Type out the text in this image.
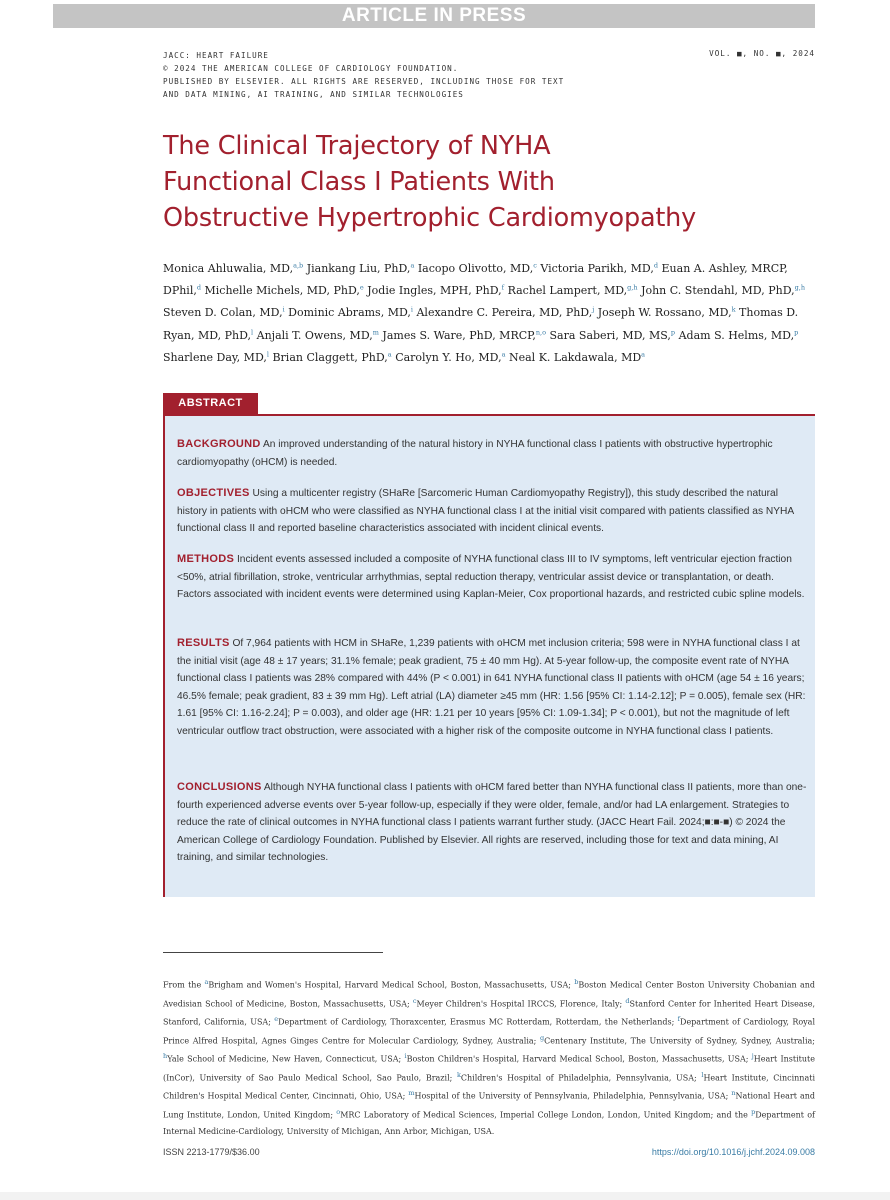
ARTICLE IN PRESS
JACC: HEART FAILURE
© 2024 THE AMERICAN COLLEGE OF CARDIOLOGY FOUNDATION.
PUBLISHED BY ELSEVIER. ALL RIGHTS ARE RESERVED, INCLUDING THOSE FOR TEXT
AND DATA MINING, AI TRAINING, AND SIMILAR TECHNOLOGIES
VOL. ■, NO. ■, 2024
The Clinical Trajectory of NYHA
Functional Class I Patients With
Obstructive Hypertrophic Cardiomyopathy
Monica Ahluwalia, MD,$^{a,b}$ Jiankang Liu, PhD,$^a$ Iacopo Olivotto, MD,$^c$ Victoria Parikh, MD,$^d$ Euan A. Ashley, MRCP, DPhil,$^d$ Michelle Michels, MD, PhD,$^e$ Jodie Ingles, MPH, PhD,$^f$ Rachel Lampert, MD,$^{g,h}$ John C. Stendahl, MD, PhD,$^{g,h}$ Steven D. Colan, MD,$^i$ Dominic Abrams, MD,$^i$ Alexandre C. Pereira, MD, PhD,$^j$ Joseph W. Rossano, MD,$^k$ Thomas D. Ryan, MD, PhD,$^l$ Anjali T. Owens, MD,$^m$ James S. Ware, PhD, MRCP,$^{n,o}$ Sara Saberi, MD, MS,$^p$ Adam S. Helms, MD,$^p$ Sharlene Day, MD,$^l$ Brian Claggett, PhD,$^a$ Carolyn Y. Ho, MD,$^a$ Neal K. Lakdawala, $MD^a$
ABSTRACT

BACKGROUND An improved understanding of the natural history in NYHA functional class I patients with obstructive hypertrophic cardiomyopathy (oHCM) is needed.

OBJECTIVES Using a multicenter registry (SHaRe [Sarcomeric Human Cardiomyopathy Registry]), this study described the natural history in patients with oHCM who were classified as NYHA functional class I at the initial visit compared with patients classified as NYHA functional class II and reported baseline characteristics associated with incident clinical events.

METHODS Incident events assessed included a composite of NYHA functional class III to IV symptoms, left ventricular ejection fraction <50%, atrial fibrillation, stroke, ventricular arrhythmias, septal reduction therapy, ventricular assist device or transplantation, or death. Factors associated with incident events were determined using Kaplan-Meier, Cox proportional hazards, and restricted cubic spline models.

RESULTS Of 7,964 patients with HCM in SHaRe, 1,239 patients with oHCM met inclusion criteria; 598 were in NYHA functional class I at the initial visit (age 48 ± 17 years; 31.1% female; peak gradient, 75 ± 40 mm Hg). At 5-year follow-up, the composite event rate of NYHA functional class I patients was 28% compared with 44% (P < 0.001) in 641 NYHA functional class II patients with oHCM (age 54 ± 16 years; 46.5% female; peak gradient, 83 ± 39 mm Hg). Left atrial (LA) diameter ≥45 mm (HR: 1.56 [95% CI: 1.14-2.12]; P = 0.005), female sex (HR: 1.61 [95% CI: 1.16-2.24]; P = 0.003), and older age (HR: 1.21 per 10 years [95% CI: 1.09-1.34]; P < 0.001), but not the magnitude of left ventricular outflow tract obstruction, were associated with a higher risk of the composite outcome in NYHA functional class I patients.

CONCLUSIONS Although NYHA functional class I patients with oHCM fared better than NYHA functional class II patients, more than one-fourth experienced adverse events over 5-year follow-up, especially if they were older, female, and/or had LA enlargement. Strategies to reduce the rate of clinical outcomes in NYHA functional class I patients warrant further study. (JACC Heart Fail. 2024;■:■-■) © 2024 the American College of Cardiology Foundation. Published by Elsevier. All rights are reserved, including those for text and data mining, AI training, and similar technologies.

From the $^a$Brigham and Women's Hospital, Harvard Medical School, Boston, Massachusetts, USA; $^b$Boston Medical Center Boston University Chobanian and Avedisian School of Medicine, Boston, Massachusetts, USA; $^c$Meyer Children's Hospital IRCCS, Florence, Italy; $^d$Stanford Center for Inherited Heart Disease, Stanford, California, USA; $^e$Department of Cardiology, Thoraxcenter, Erasmus MC Rotterdam, Rotterdam, the Netherlands; $^f$Department of Cardiology, Royal Prince Alfred Hospital, Agnes Ginges Centre for Molecular Cardiology, Sydney, Australia; $^g$Centenary Institute, The University of Sydney, Sydney, Australia; $^h$Yale School of Medicine, New Haven, Connecticut, USA; $^i$Boston Children's Hospital, Harvard Medical School, Boston, Massachusetts, USA; $^j$Heart Institute (InCor), University of Sao Paulo Medical School, Sao Paulo, Brazil; $^k$Children's Hospital of Philadelphia, Pennsylvania, USA; $^l$Heart Institute, Cincinnati Children's Hospital Medical Center, Cincinnati, Ohio, USA; $^m$Hospital of the University of Pennsylvania, Philadelphia, Pennsylvania, USA; $^n$National Heart and Lung Institute, London, United Kingdom; $^o$MRC Laboratory of Medical Sciences, Imperial College London, London, United Kingdom; and the $^p$Department of Internal Medicine-Cardiology, University of Michigan, Ann Arbor, Michigan, USA.
ISSN 2213-1779/$36.00	https://doi.org/10.1016/j.jchf.2024.09.008
